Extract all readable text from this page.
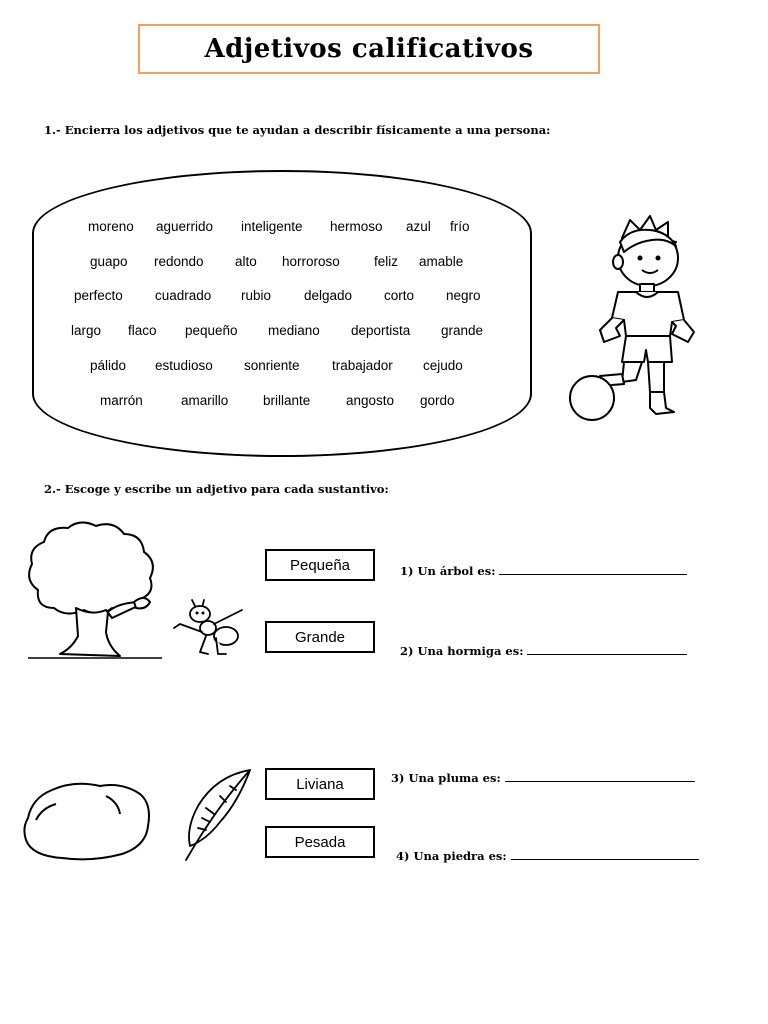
Adjetivos calificativos
1.- Encierra los adjetivos que te ayudan a describir físicamente a una persona:
moreno aguerrido inteligente hermoso azul frío
guapo redondo alto horroroso	feliz amable
perfecto cuadrado rubio delgado corto negro
largo flaco pequeño mediano deportista grande
pálido estudioso sonriente trabajador cejudo
marrón	amarillo	brillante	angosto gordo
2.- Escoge y escribe un adjetivo para cada sustantivo:
Pequeña
Grande
Liviana
Pesada
1) Un árbol es:
2) Una hormiga es:
3) Una pluma es:
4) Una piedra es:
